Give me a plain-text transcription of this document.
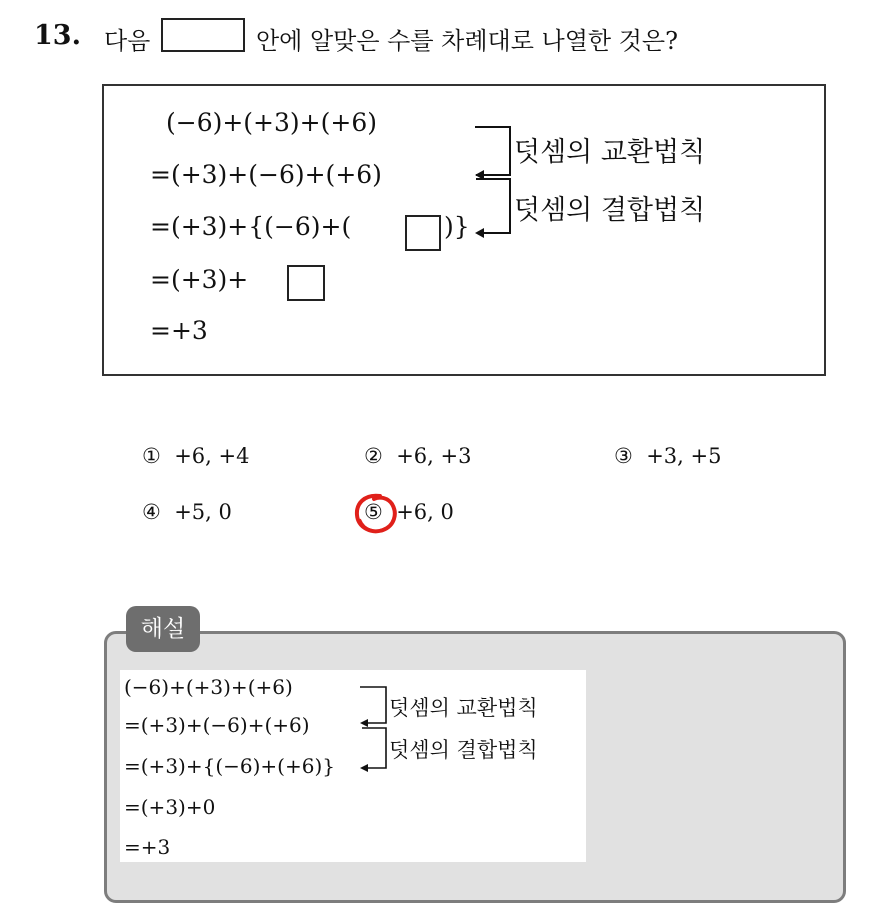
13. 다음	안에 알맞은 수를 차례대로 나열한 것은?
(−6)+(+3)+(+6)
=(+3)+(−6)+(+6)
=(+3)+{(−6)+(	)}
=(+3)+
=+3
덧셈의 교환법칙
덧셈의 결합법칙
① +6, +4	② +6, +3	③ +3, +5
④ +5, 0	⑤ +6, 0
해설
(−6)+(+3)+(+6)
=(+3)+(−6)+(+6)
=(+3)+{(−6)+(+6)}
=(+3)+0
=+3
덧셈의 교환법칙
덧셈의 결합법칙
